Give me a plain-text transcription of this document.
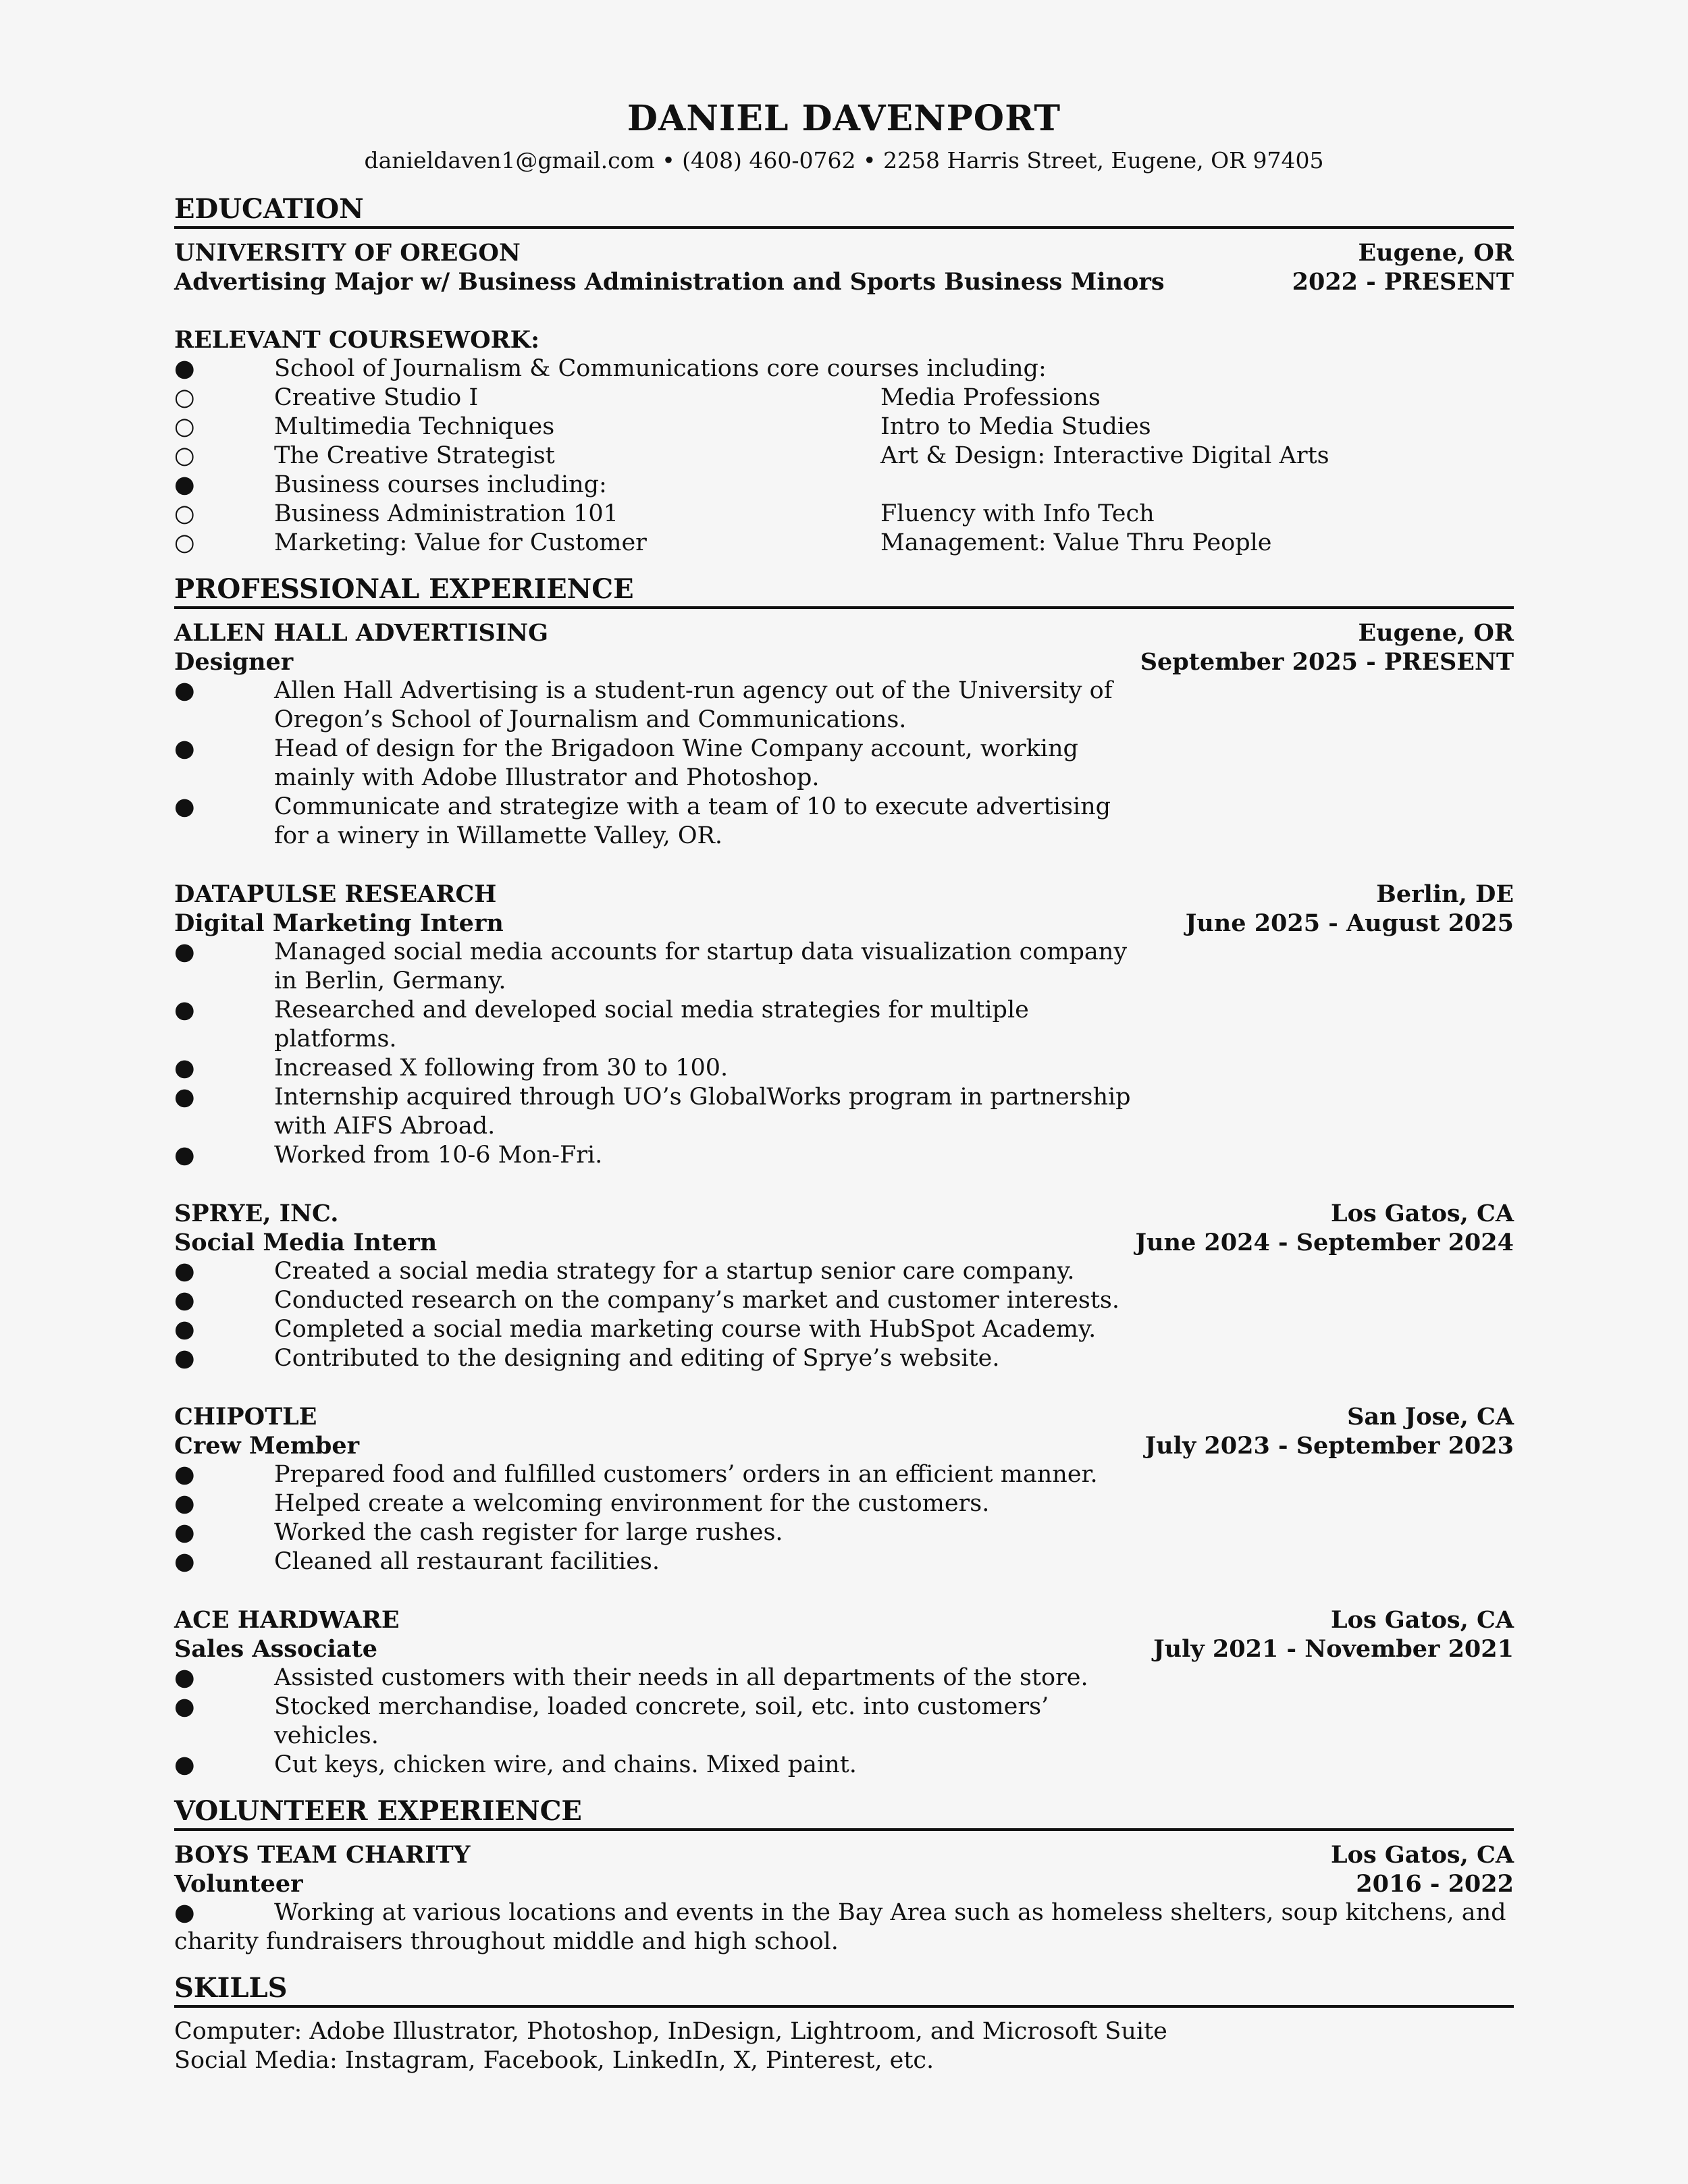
DANIEL DAVENPORT
danieldaven1@gmail.com • (408) 460-0762 • 2258 Harris Street, Eugene, OR 97405
EDUCATION
UNIVERSITY OF OREGON	Eugene, OR
Advertising Major w/ Business Administration and Sports Business Minors	2022 - PRESENT
RELEVANT COURSEWORK:
●	School of Journalism & Communications core courses including:
○	Creative Studio I	Media Professions
○	Multimedia Techniques	Intro to Media Studies
○	The Creative Strategist	Art & Design: Interactive Digital Arts
●	Business courses including:
○	Business Administration 101	Fluency with Info Tech
○	Marketing: Value for Customer	Management: Value Thru People
PROFESSIONAL EXPERIENCE
ALLEN HALL ADVERTISING	Eugene, OR
Designer	September 2025 - PRESENT
●	Allen Hall Advertising is a student-run agency out of the University of Oregon’s School of Journalism and Communications.
●	Head of design for the Brigadoon Wine Company account, working mainly with Adobe Illustrator and Photoshop.
●	Communicate and strategize with a team of 10 to execute advertising for a winery in Willamette Valley, OR.
DATAPULSE RESEARCH	Berlin, DE
Digital Marketing Intern	June 2025 - August 2025
●	Managed social media accounts for startup data visualization company in Berlin, Germany.
●	Researched and developed social media strategies for multiple platforms.
●	Increased X following from 30 to 100.
●	Internship acquired through UO’s GlobalWorks program in partnership with AIFS Abroad.
●	Worked from 10-6 Mon-Fri.
SPRYE, INC.	Los Gatos, CA
Social Media Intern	June 2024 - September 2024
●	Created a social media strategy for a startup senior care company.
●	Conducted research on the company’s market and customer interests.
●	Completed a social media marketing course with HubSpot Academy.
●	Contributed to the designing and editing of Sprye’s website.
CHIPOTLE	San Jose, CA
Crew Member	July 2023 - September 2023
●	Prepared food and fulfilled customers’ orders in an efficient manner.
●	Helped create a welcoming environment for the customers.
●	Worked the cash register for large rushes.
●	Cleaned all restaurant facilities.
ACE HARDWARE	Los Gatos, CA
Sales Associate	July 2021 - November 2021
●	Assisted customers with their needs in all departments of the store.
●	Stocked merchandise, loaded concrete, soil, etc. into customers’ vehicles.
●	Cut keys, chicken wire, and chains. Mixed paint.
VOLUNTEER EXPERIENCE
BOYS TEAM CHARITY	Los Gatos, CA
Volunteer	2016 - 2022
●	Working at various locations and events in the Bay Area such as homeless shelters, soup kitchens, and charity fundraisers throughout middle and high school.
SKILLS
Computer: Adobe Illustrator, Photoshop, InDesign, Lightroom, and Microsoft Suite
Social Media: Instagram, Facebook, LinkedIn, X, Pinterest, etc.
